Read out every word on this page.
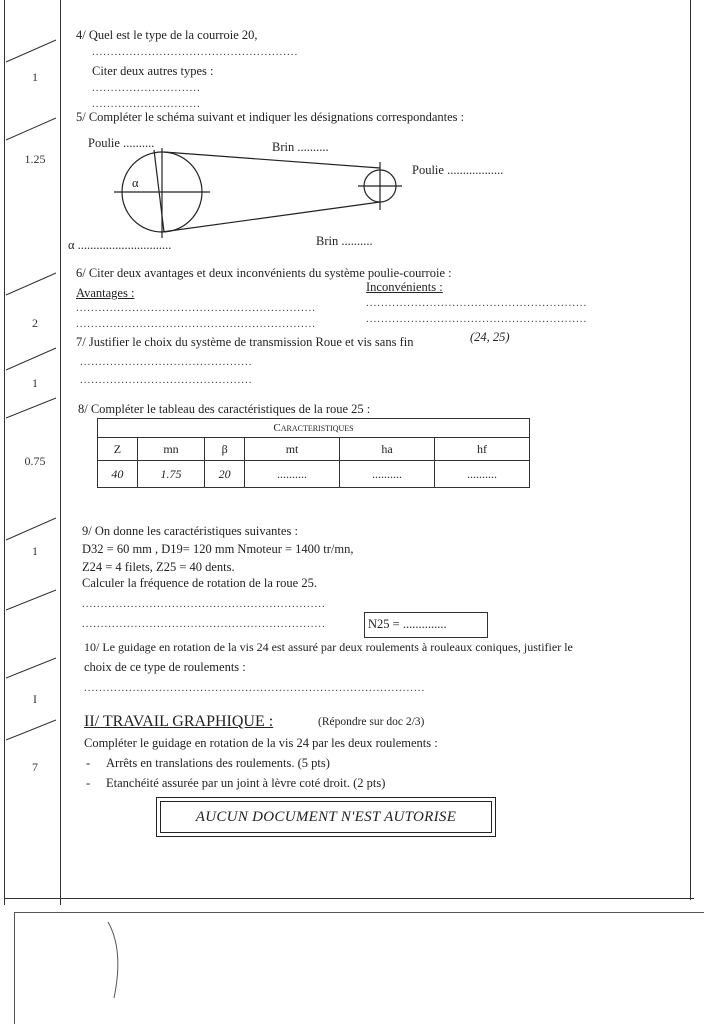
1
1.25
2
1
0.75
1
I
7
4/ Quel est le type de la courroie 20,
.......................................................
Citer deux autres types :
.............................
.............................
5/ Compléter le schéma suivant et indiquer les désignations correspondantes :
Poulie ..........	Brin ..........
Poulie ..................
α
α ..............................	Brin ..........
6/ Citer deux avantages et deux inconvénients du système poulie-courroie :
Avantages :	Inconvénients :
................................................................
................................................................
...........................................................
...........................................................
7/ Justifier le choix du système de transmission Roue et vis sans fin	(24, 25)
..............................................
..............................................
8/ Compléter le tableau des caractéristiques de la roue 25 :
Caracteristiques					
Z	mn	β	mt	ha	hf
40	1.75	20	..........	..........	..........
9/ On donne les caractéristiques suivantes :
D32 = 60 mm , D19= 120 mm Nmoteur = 1400 tr/mn,
Z24 = 4 filets, Z25 = 40 dents.
Calculer la fréquence de rotation de la roue 25.
.................................................................
.................................................................	N25 = ..............
10/ Le guidage en rotation de la vis 24 est assuré par deux roulements à rouleaux coniques, justifier le
choix de ce type de roulements :
...........................................................................................
II/ TRAVAIL GRAPHIQUE :	(Répondre sur doc 2/3)
Compléter le guidage en rotation de la vis 24 par les deux roulements :
- Arrêts en translations des roulements. (5 pts)
- Etanchéité assurée par un joint à lèvre coté droit. (2 pts)
AUCUN DOCUMENT N'EST AUTORISE
